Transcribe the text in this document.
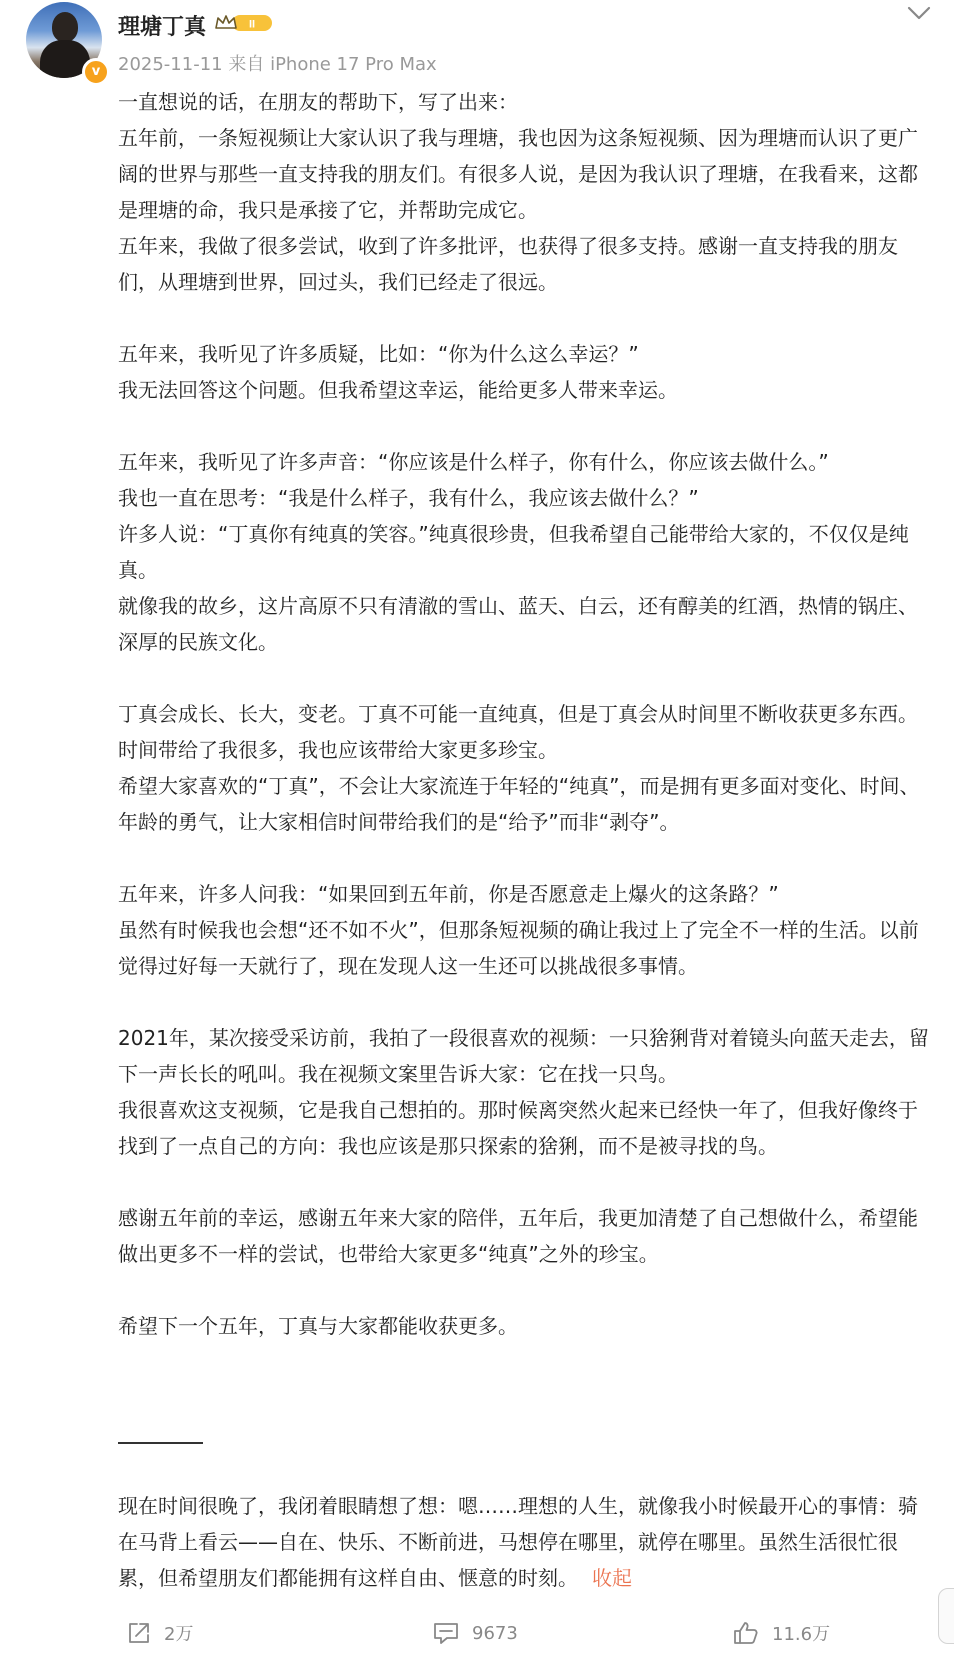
v
理塘丁真	II
2025-11-11 来自 iPhone 17 Pro Max

一直想说的话，在朋友的帮助下，写了出来：

五年前，一条短视频让大家认识了我与理塘，我也因为这条短视频、因为理塘而认识了更广阔的世界与那些一直支持我的朋友们。有很多人说，是因为我认识了理塘，在我看来，这都是理塘的命，我只是承接了它，并帮助完成它。

五年来，我做了很多尝试，收到了许多批评，也获得了很多支持。感谢一直支持我的朋友们，从理塘到世界，回过头，我们已经走了很远。

五年来，我听见了许多质疑，比如：“你为什么这么幸运？”

我无法回答这个问题。但我希望这幸运，能给更多人带来幸运。

五年来，我听见了许多声音：“你应该是什么样子，你有什么，你应该去做什么。”

我也一直在思考：“我是什么样子，我有什么，我应该去做什么？”

许多人说：“丁真你有纯真的笑容。”纯真很珍贵，但我希望自己能带给大家的，不仅仅是纯真。

就像我的故乡，这片高原不只有清澈的雪山、蓝天、白云，还有醇美的红酒，热情的锅庄、深厚的民族文化。

丁真会成长、长大，变老。丁真不可能一直纯真，但是丁真会从时间里不断收获更多东西。时间带给了我很多，我也应该带给大家更多珍宝。

希望大家喜欢的“丁真”，不会让大家流连于年轻的“纯真”，而是拥有更多面对变化、时间、年龄的勇气，让大家相信时间带给我们的是“给予”而非“剥夺”。

五年来，许多人问我：“如果回到五年前，你是否愿意走上爆火的这条路？”

虽然有时候我也会想“还不如不火”，但那条短视频的确让我过上了完全不一样的生活。以前觉得过好每一天就行了，现在发现人这一生还可以挑战很多事情。

2021年，某次接受采访前，我拍了一段很喜欢的视频：一只猞猁背对着镜头向蓝天走去，留下一声长长的吼叫。我在视频文案里告诉大家：它在找一只鸟。

我很喜欢这支视频，它是我自己想拍的。那时候离突然火起来已经快一年了，但我好像终于找到了一点自己的方向：我也应该是那只探索的猞猁，而不是被寻找的鸟。

感谢五年前的幸运，感谢五年来大家的陪伴，五年后，我更加清楚了自己想做什么，希望能做出更多不一样的尝试，也带给大家更多“纯真”之外的珍宝。

希望下一个五年，丁真与大家都能收获更多。

现在时间很晚了，我闭着眼睛想了想：嗯……理想的人生，就像我小时候最开心的事情：骑在马背上看云——自在、快乐、不断前进，马想停在哪里，就停在哪里。虽然生活很忙很累，但希望朋友们都能拥有这样自由、惬意的时刻。 收起
2万	9673	11.6万
